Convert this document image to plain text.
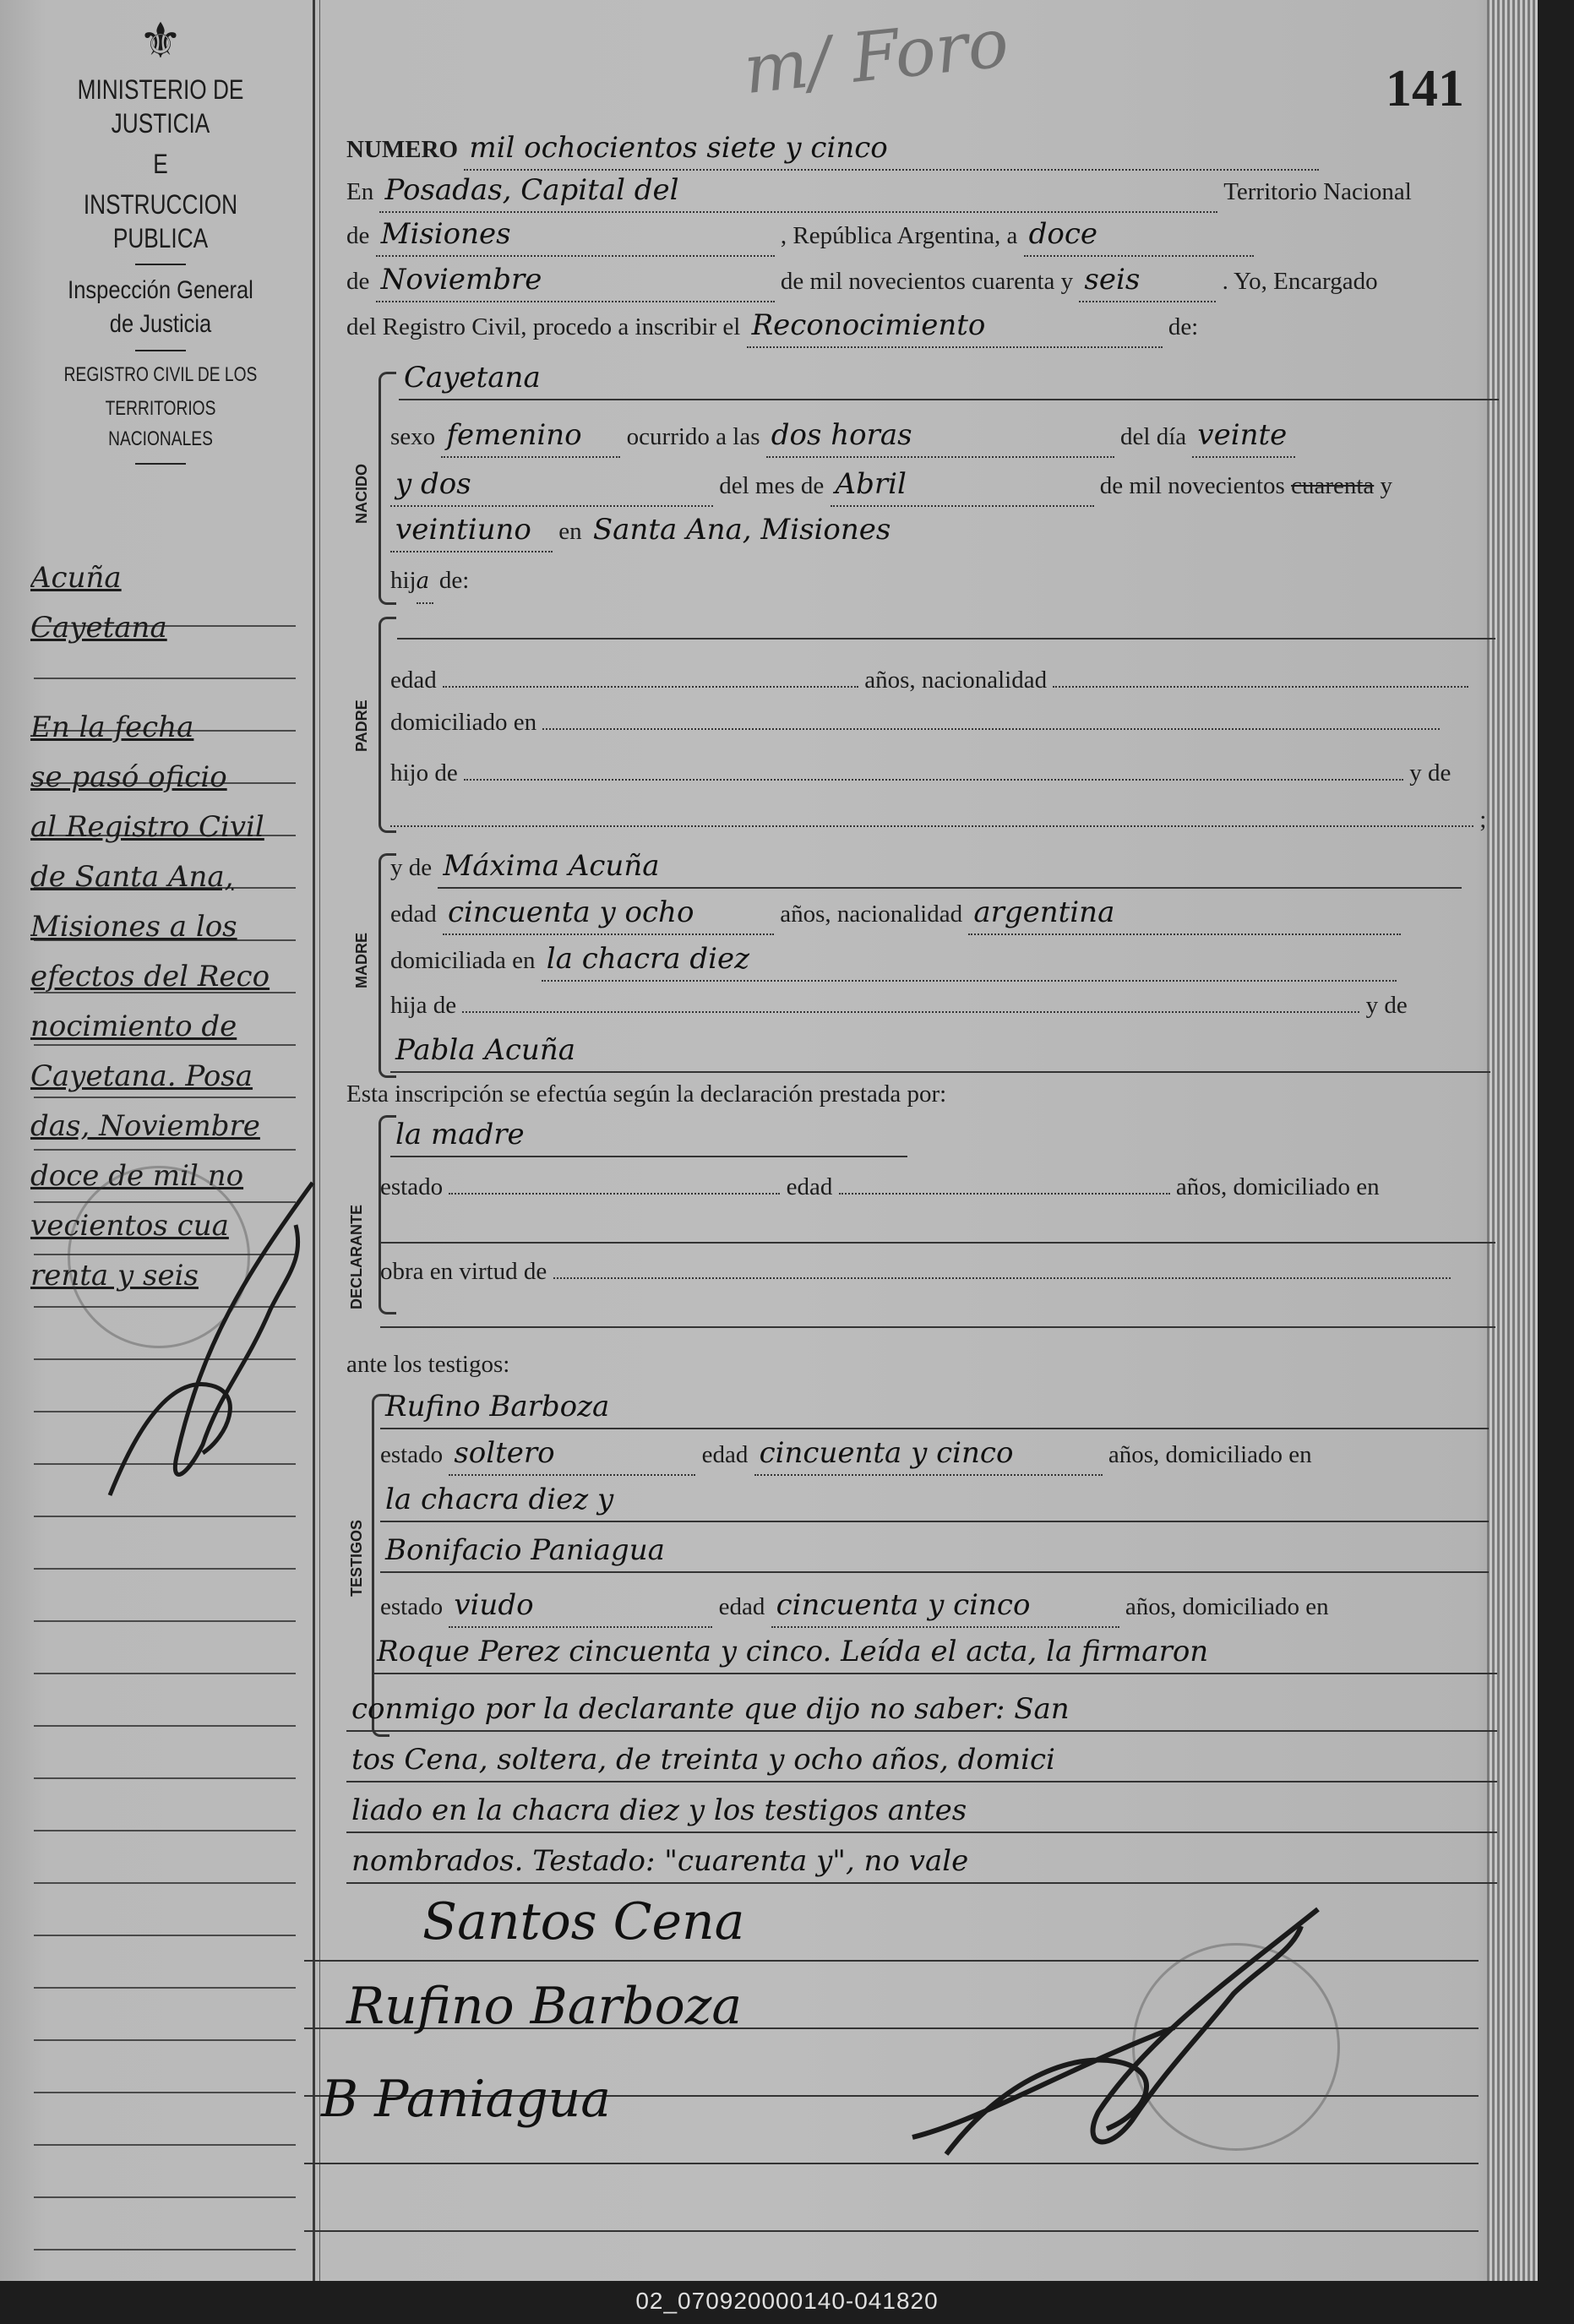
⚜
MINISTERIO DE JUSTICIA
E
INSTRUCCION PUBLICA
Inspección General
de Justicia
REGISTRO CIVIL DE LOS
TERRITORIOS NACIONALES
Acuña
Cayetana
En la fecha
se pasó oficio
al Registro Civil
de Santa Ana,
Misiones a los
efectos del Reco
nocimiento de
Cayetana. Posa
das, Noviembre
doce de mil no
vecientos cua
renta y seis
141
m/ Foro
NUMERO mil ochocientos siete y cinco
En Posadas, Capital del	Territorio Nacional
de Misiones	, República Argentina, a doce
de Noviembre	de mil novecientos cuarenta y seis	. Yo, Encargado
del Registro Civil, procedo a inscribir el Reconocimiento	de:
NACIDO
Cayetana
sexo femenino ocurrido a las dos horas	del día veinte
y dos	del mes de Abril	de mil novecientos cuarenta y
veintiuno en Santa Ana, Misiones
hija de:
PADRE
edad	años, nacionalidad
domiciliado en
hijo de	y de
;
MADRE
y de Máxima Acuña
edad cincuenta y ocho	años, nacionalidad argentina
domiciliada en la chacra diez
hija de	y de
Pabla Acuña
Esta inscripción se efectúa según la declaración prestada por:
DECLARANTE
la madre
estado	edad	años, domiciliado en
obra en virtud de
ante los testigos:
TESTIGOS
Rufino Barboza
estado soltero	edad cincuenta y cinco	años, domiciliado en
la chacra diez y
Bonifacio Paniagua
estado viudo	edad cincuenta y cinco	años, domiciliado en
Roque Perez cincuenta y cinco. Leída el acta, la firmaron
conmigo por la declarante que dijo no saber: San
tos Cena, soltera, de treinta y ocho años, domici
liado en la chacra diez y los testigos antes
nombrados. Testado: "cuarenta y", no vale
Santos Cena
Rufino Barboza
B Paniagua
02_070920000140-041820
